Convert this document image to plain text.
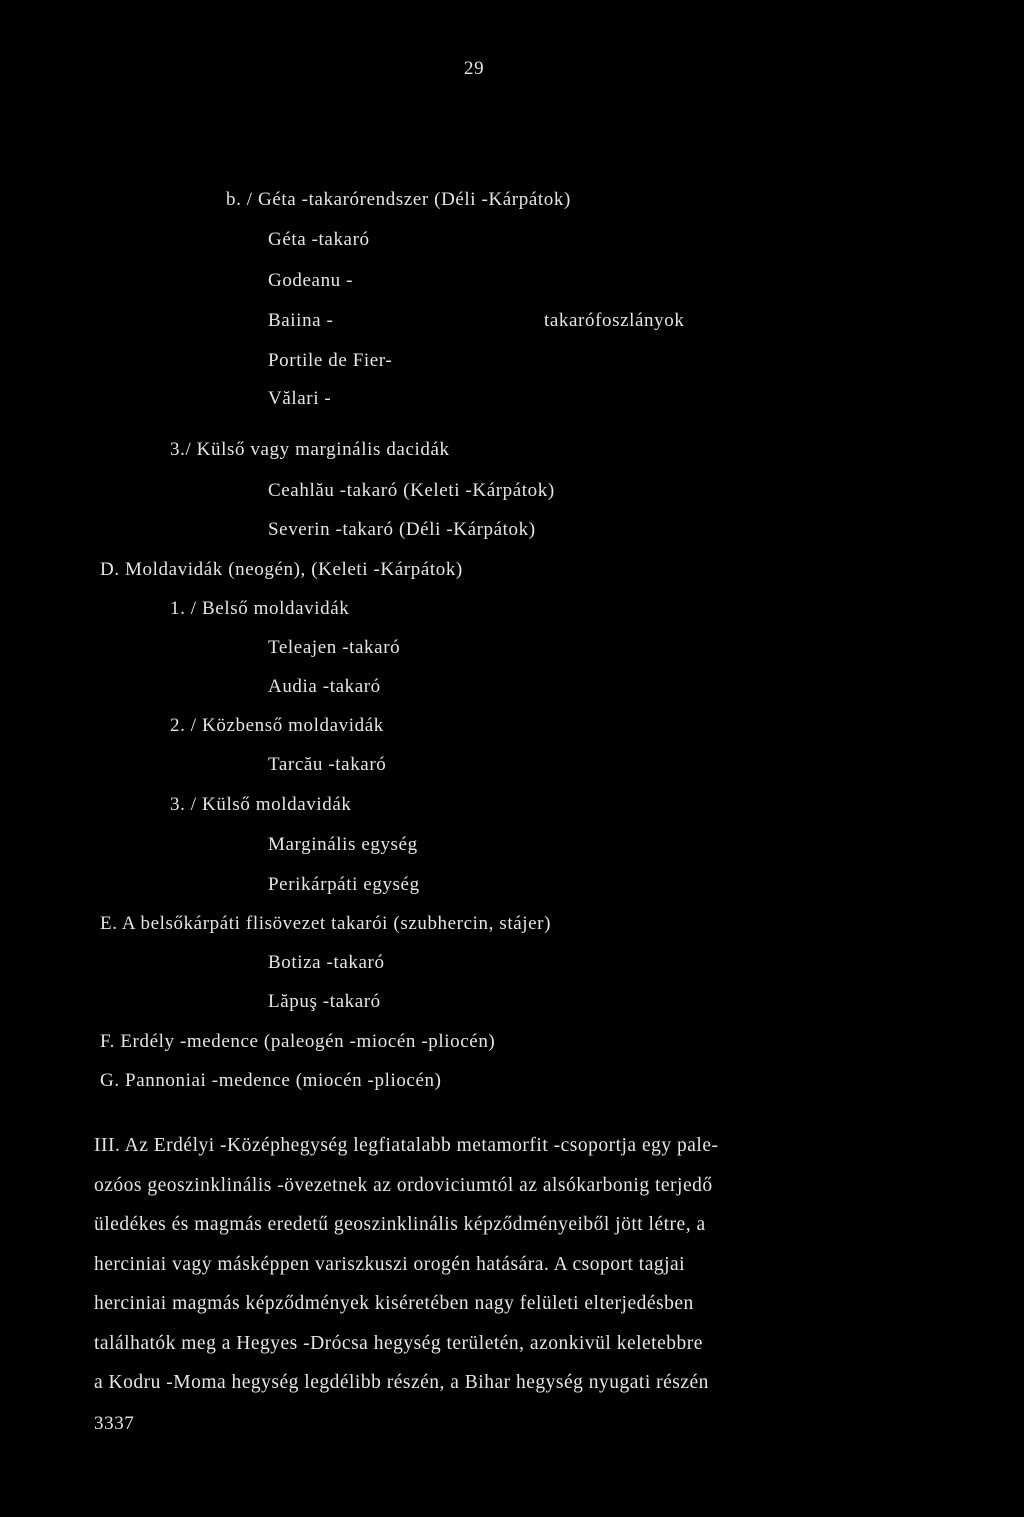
29
b. / Géta -takarórendszer (Déli -Kárpátok)
Géta -takaró
Godeanu -
Baiina -	takarófoszlányok
Portile de Fier-
Vălari -
3./ Külső vagy marginális dacidák
Ceahlău -takaró (Keleti -Kárpátok)
Severin -takaró (Déli -Kárpátok)
D. Moldavidák (neogén), (Keleti -Kárpátok)
1. / Belső moldavidák
Teleajen -takaró
Audia -takaró
2. / Közbenső moldavidák
Tarcău -takaró
3. / Külső moldavidák
Marginális egység
Perikárpáti egység
E. A belsőkárpáti flisövezet takarói (szubhercin, stájer)
Botiza -takaró
Lăpuş -takaró
F. Erdély -medence (paleogén -miocén -pliocén)
G. Pannoniai -medence (miocén -pliocén)
III. Az Erdélyi -Középhegység legfiatalabb metamorfit -csoportja egy pale-
ozóos geoszinklinális -övezetnek az ordoviciumtól az alsókarbonig terjedő
üledékes és magmás eredetű geoszinklinális képződményeiből jött létre, a
herciniai vagy másképpen variszkuszi orogén hatására. A csoport tagjai
herciniai magmás képződmények kiséretében nagy felületi elterjedésben
találhatók meg a Hegyes -Drócsa hegység területén, azonkivül keletebbre
a Kodru -Moma hegység legdélibb részén, a Bihar hegység nyugati részén
3337
